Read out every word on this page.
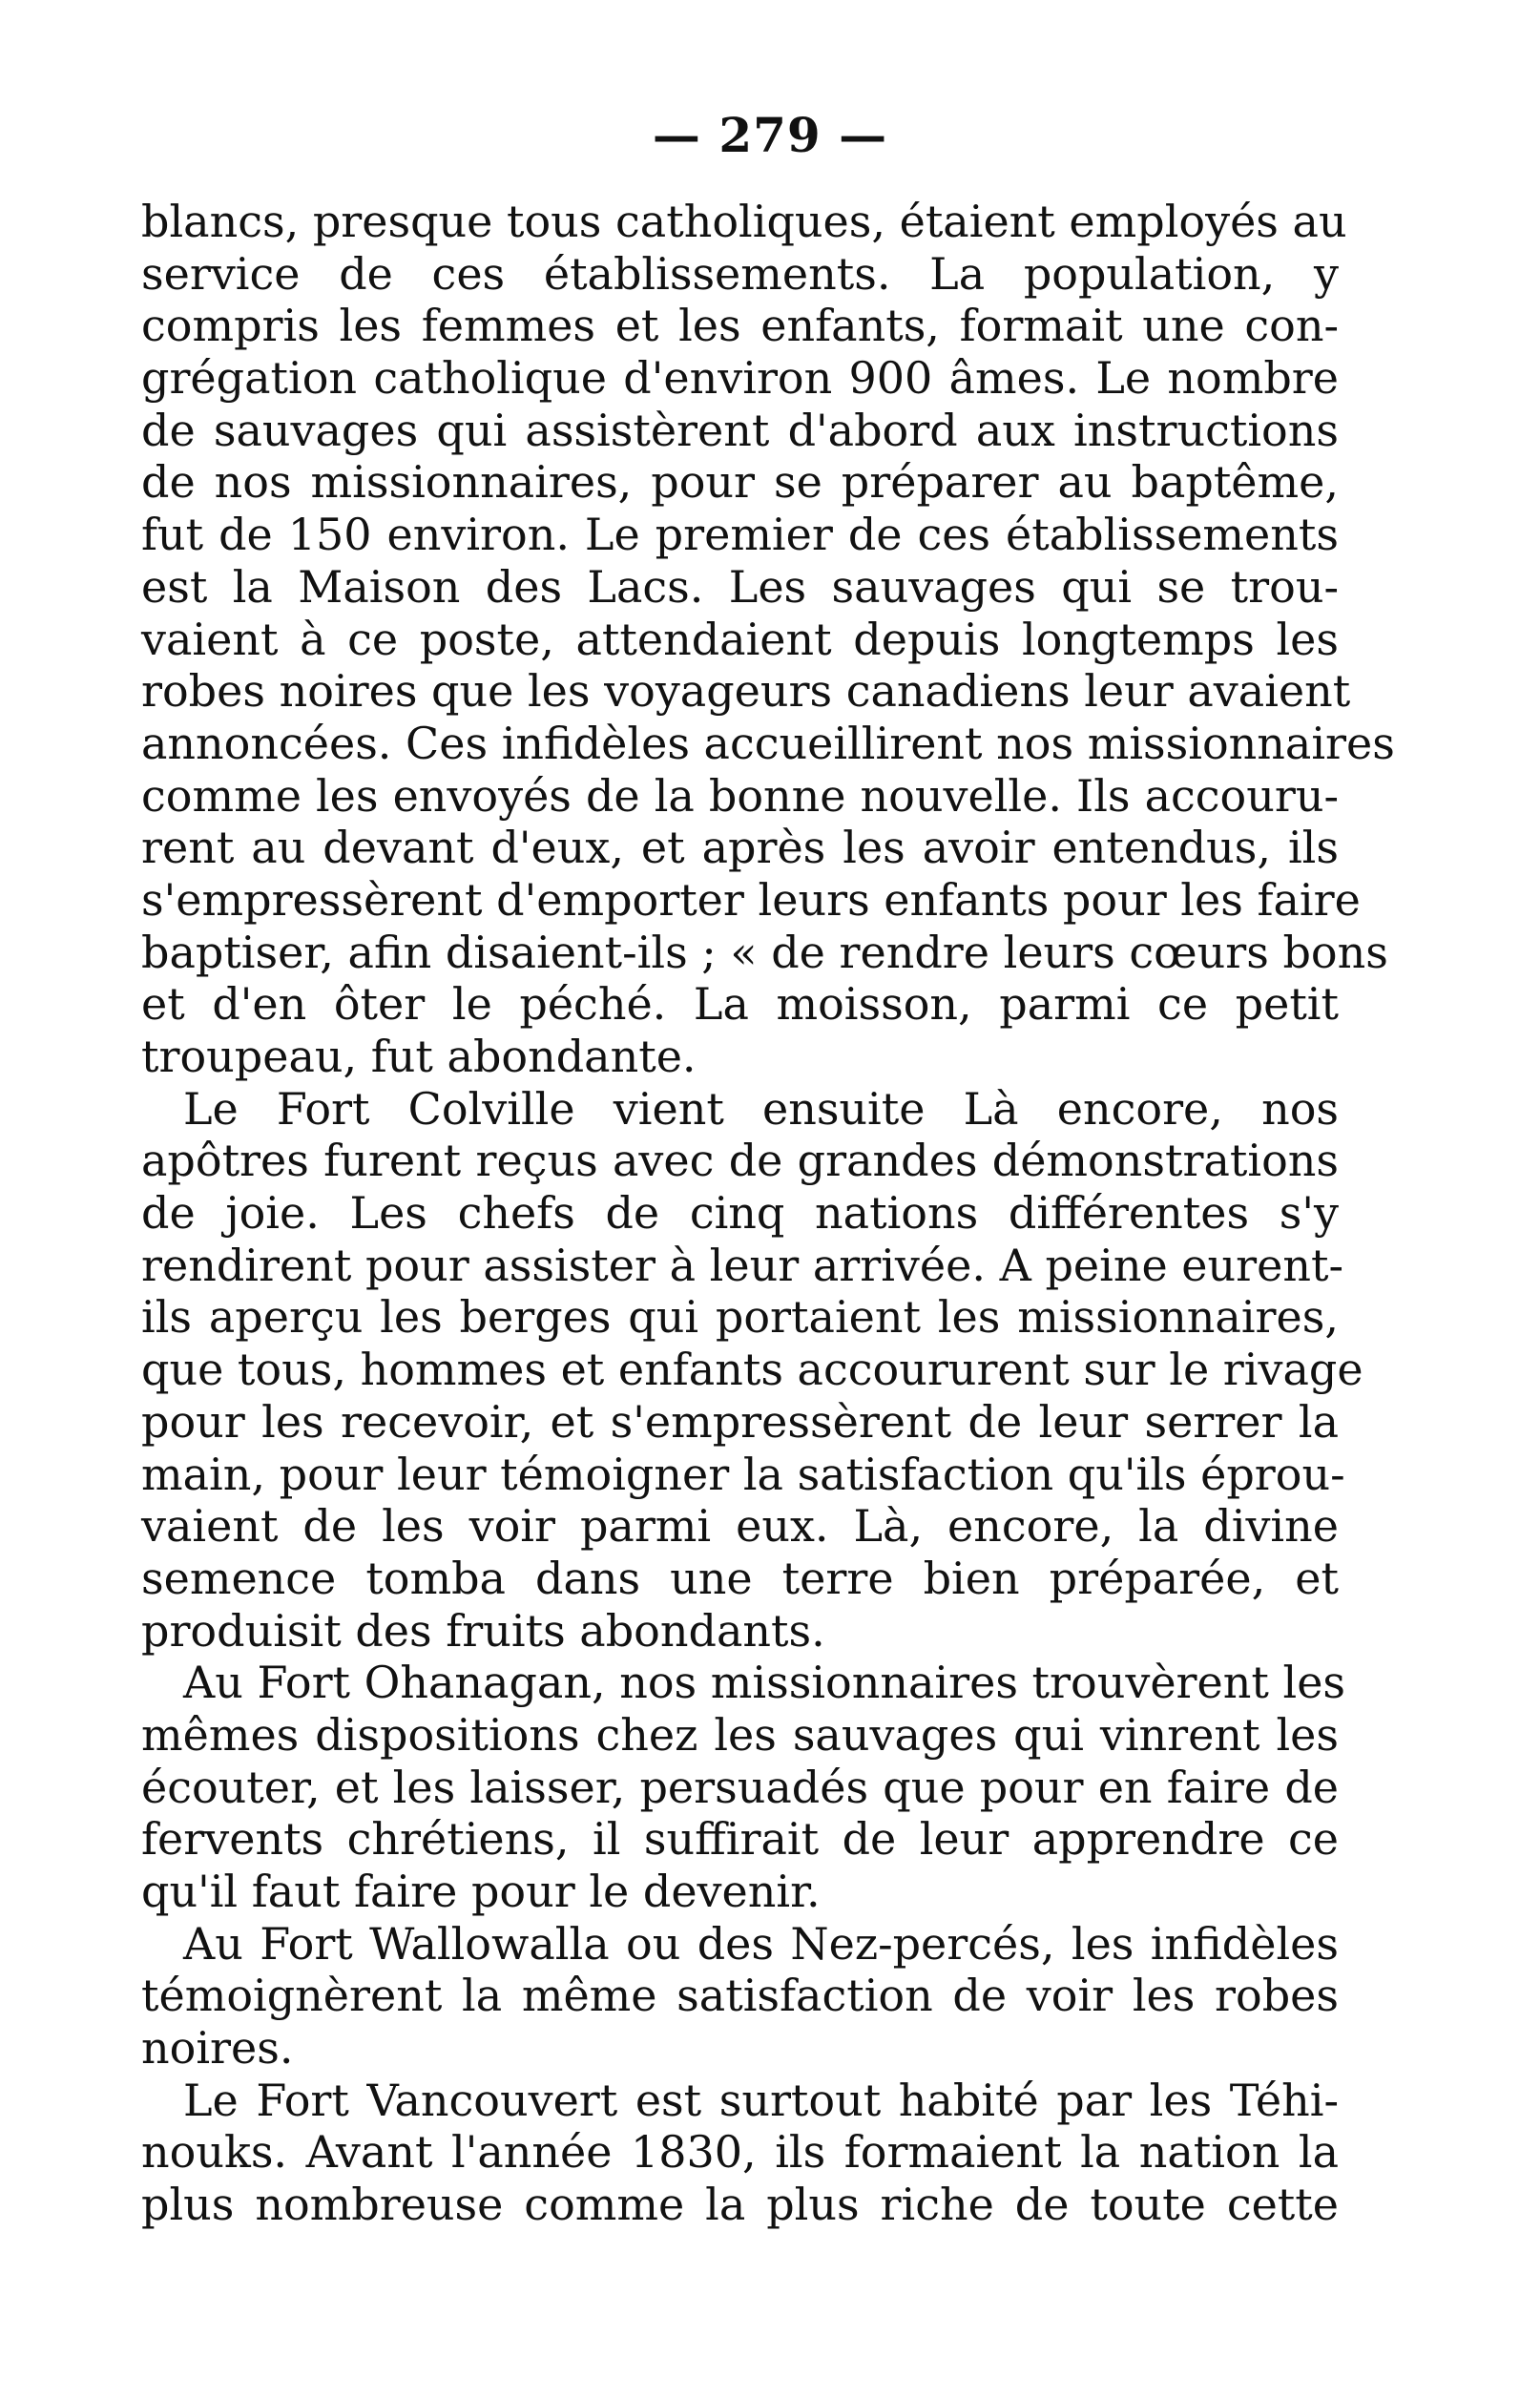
— 279 —
blancs, presque tous catholiques, étaient employés au
service de ces établissements. La population, y
compris les femmes et les enfants, formait une con-
grégation catholique d'environ 900 âmes. Le nombre
de sauvages qui assistèrent d'abord aux instructions
de nos missionnaires, pour se préparer au baptême,
fut de 150 environ. Le premier de ces établissements
est la Maison des Lacs. Les sauvages qui se trou-
vaient à ce poste, attendaient depuis longtemps les
robes noires que les voyageurs canadiens leur avaient
annoncées. Ces infidèles accueillirent nos missionnaires
comme les envoyés de la bonne nouvelle. Ils accouru-
rent au devant d'eux, et après les avoir entendus, ils
s'empressèrent d'emporter leurs enfants pour les faire
baptiser, afin disaient-ils ; « de rendre leurs cœurs bons
et d'en ôter le péché. La moisson, parmi ce petit
troupeau, fut abondante.
Le Fort Colville vient ensuite Là encore, nos
apôtres furent reçus avec de grandes démonstrations
de joie. Les chefs de cinq nations différentes s'y
rendirent pour assister à leur arrivée. A peine eurent-
ils aperçu les berges qui portaient les missionnaires,
que tous, hommes et enfants accoururent sur le rivage
pour les recevoir, et s'empressèrent de leur serrer la
main, pour leur témoigner la satisfaction qu'ils éprou-
vaient de les voir parmi eux. Là, encore, la divine
semence tomba dans une terre bien préparée, et
produisit des fruits abondants.
Au Fort Ohanagan, nos missionnaires trouvèrent les
mêmes dispositions chez les sauvages qui vinrent les
écouter, et les laisser, persuadés que pour en faire de
fervents chrétiens, il suffirait de leur apprendre ce
qu'il faut faire pour le devenir.
Au Fort Wallowalla ou des Nez-percés, les infidèles
témoignèrent la même satisfaction de voir les robes
noires.
Le Fort Vancouvert est surtout habité par les Téhi-
nouks. Avant l'année 1830, ils formaient la nation la
plus nombreuse comme la plus riche de toute cette
